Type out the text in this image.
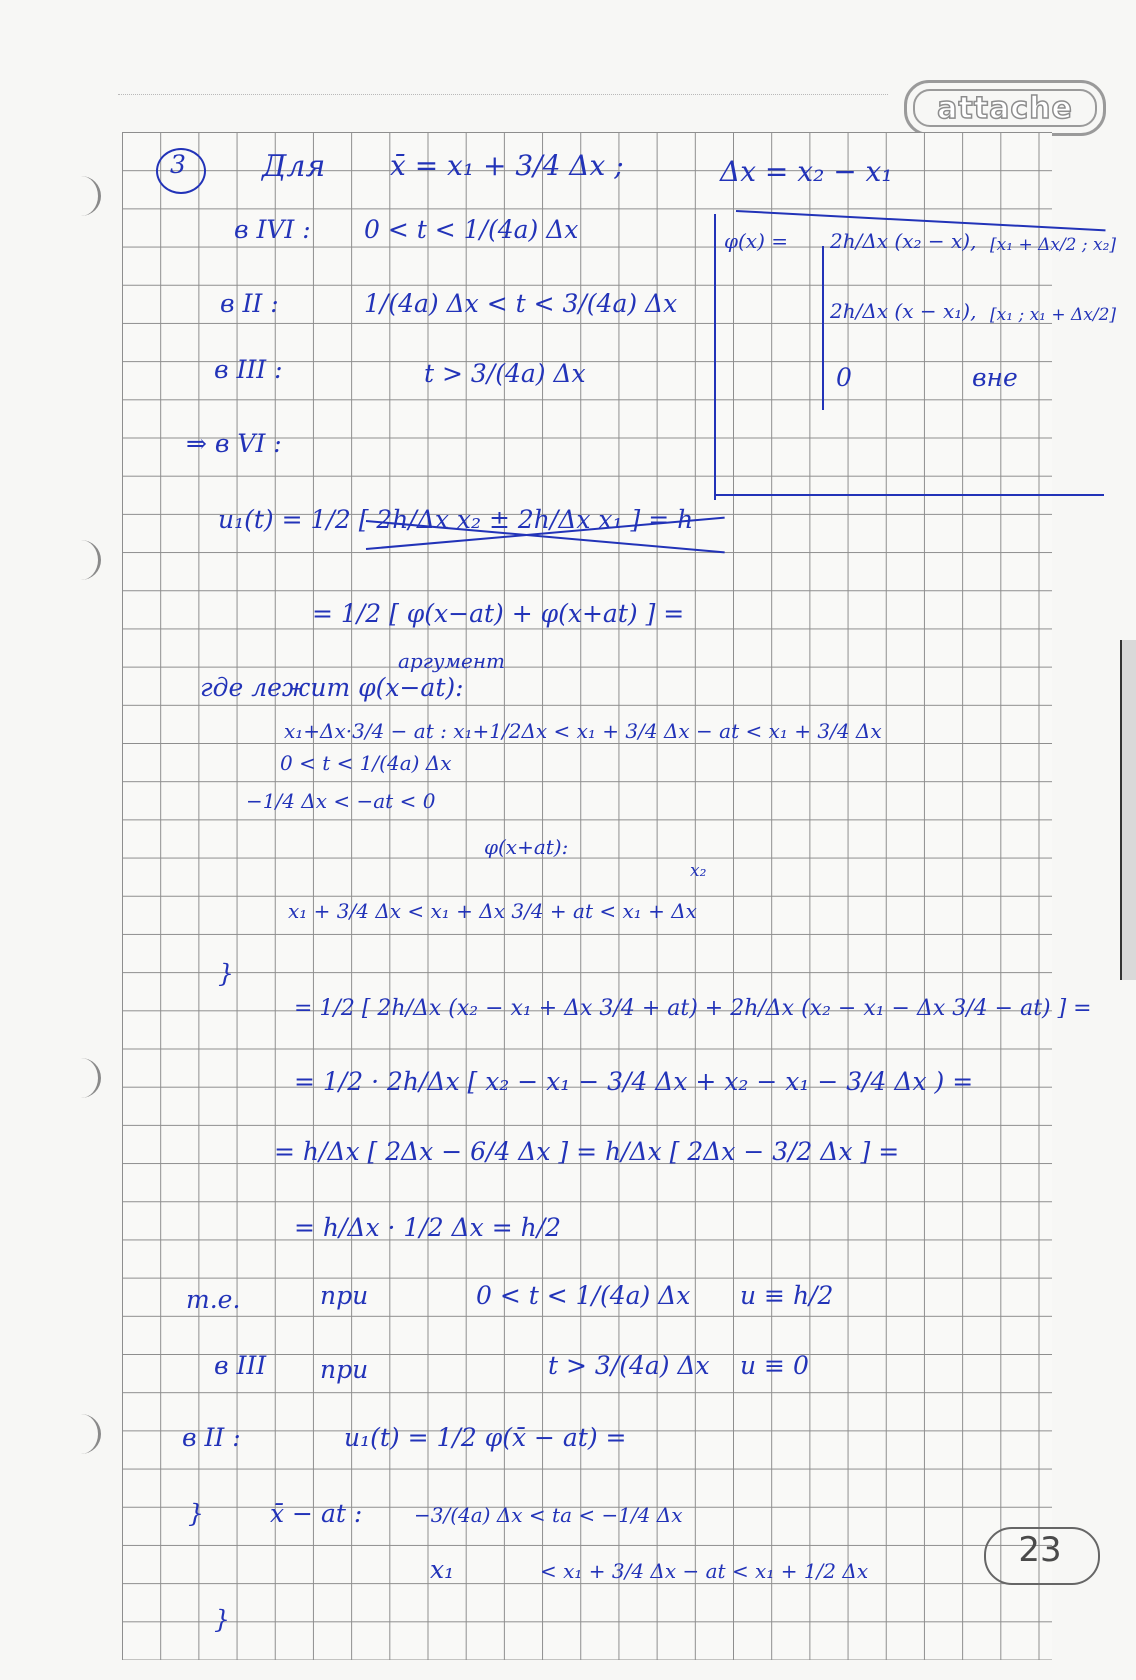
attache
3	Для x̄ = x₁ + 3/4 Δx ;	Δx = x₂ − x₁
в IVI : 0 < t < 1/(4a) Δx
в II :	1/(4a) Δx < t < 3/(4a) Δx
в III :	t > 3/(4a) Δx
⇒ в VI :
φ(x) = 2h/Δx (x₂ − x), [x₁ + Δx/2 ; x₂]
2h/Δx (x − x₁), [x₁ ; x₁ + Δx/2]
0	вне
u₁(t) = 1/2 [ 2h/Δx x₂ ± 2h/Δx x₁ ] = h
= 1/2 [ φ(x−at) + φ(x+at) ] =
аргумент
где лежит φ(x−at):
x₁+Δx·3/4 − at : x₁+1/2Δx < x₁ + 3/4 Δx − at < x₁ + 3/4 Δx
0 < t < 1/(4a) Δx
−1/4 Δx < −at < 0
φ(x+at):
x₂
x₁ + 3/4 Δx < x₁ + Δx 3/4 + at < x₁ + Δx
}
= 1/2 [ 2h/Δx (x₂ − x₁ + Δx 3/4 + at) + 2h/Δx (x₂ − x₁ − Δx 3/4 − at) ] =
= 1/2 · 2h/Δx [ x₂ − x₁ − 3/4 Δx + x₂ − x₁ − 3/4 Δx ) =
= h/Δx [ 2Δx − 6/4 Δx ] = h/Δx [ 2Δx − 3/2 Δx ] =
= h/Δx · 1/2 Δx = h/2
т.е.	при	0 < t < 1/(4a) Δx u ≡ h/2
в III при	t > 3/(4a) Δx u ≡ 0
в II :	u₁(t) = 1/2 φ(x̄ − at) =
}	x̄ − at :	−3/(4a) Δx < ta < −1/4 Δx
x₁	< x₁ + 3/4 Δx − at < x₁ + 1/2 Δx
}
23
